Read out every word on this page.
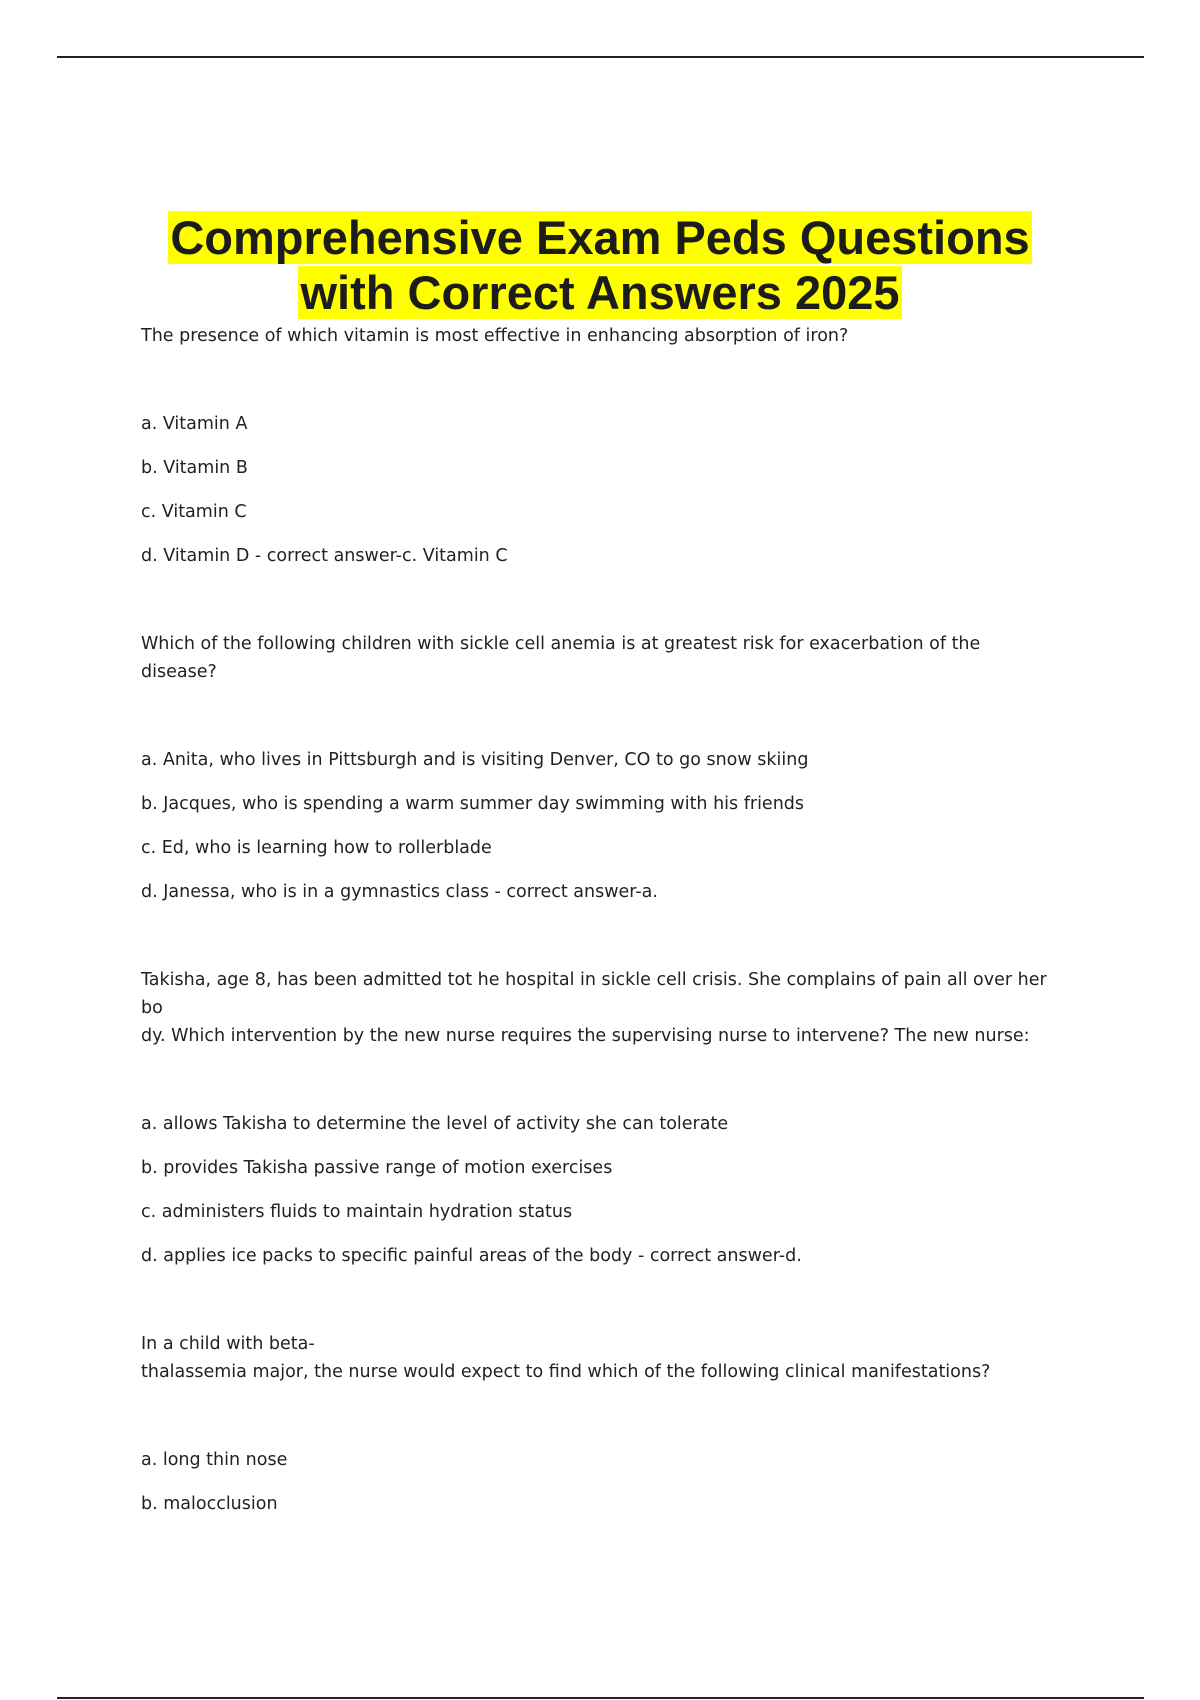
Comprehensive Exam Peds Questions
with Correct Answers 2025

The presence of which vitamin is most effective in enhancing absorption of iron?

a. Vitamin A

b. Vitamin B

c. Vitamin C

d. Vitamin D - correct answer-c. Vitamin C

Which of the following children with sickle cell anemia is at greatest risk for exacerbation of the disease?

a. Anita, who lives in Pittsburgh and is visiting Denver, CO to go snow skiing

b. Jacques, who is spending a warm summer day swimming with his friends

c. Ed, who is learning how to rollerblade

d. Janessa, who is in a gymnastics class - correct answer-a.

Takisha, age 8, has been admitted tot he hospital in sickle cell crisis. She complains of pain all over her bo

dy. Which intervention by the new nurse requires the supervising nurse to intervene? The new nurse:

a. allows Takisha to determine the level of activity she can tolerate

b. provides Takisha passive range of motion exercises

c. administers fluids to maintain hydration status

d. applies ice packs to specific painful areas of the body - correct answer-d.

In a child with beta-

thalassemia major, the nurse would expect to find which of the following clinical manifestations?

a. long thin nose

b. malocclusion
